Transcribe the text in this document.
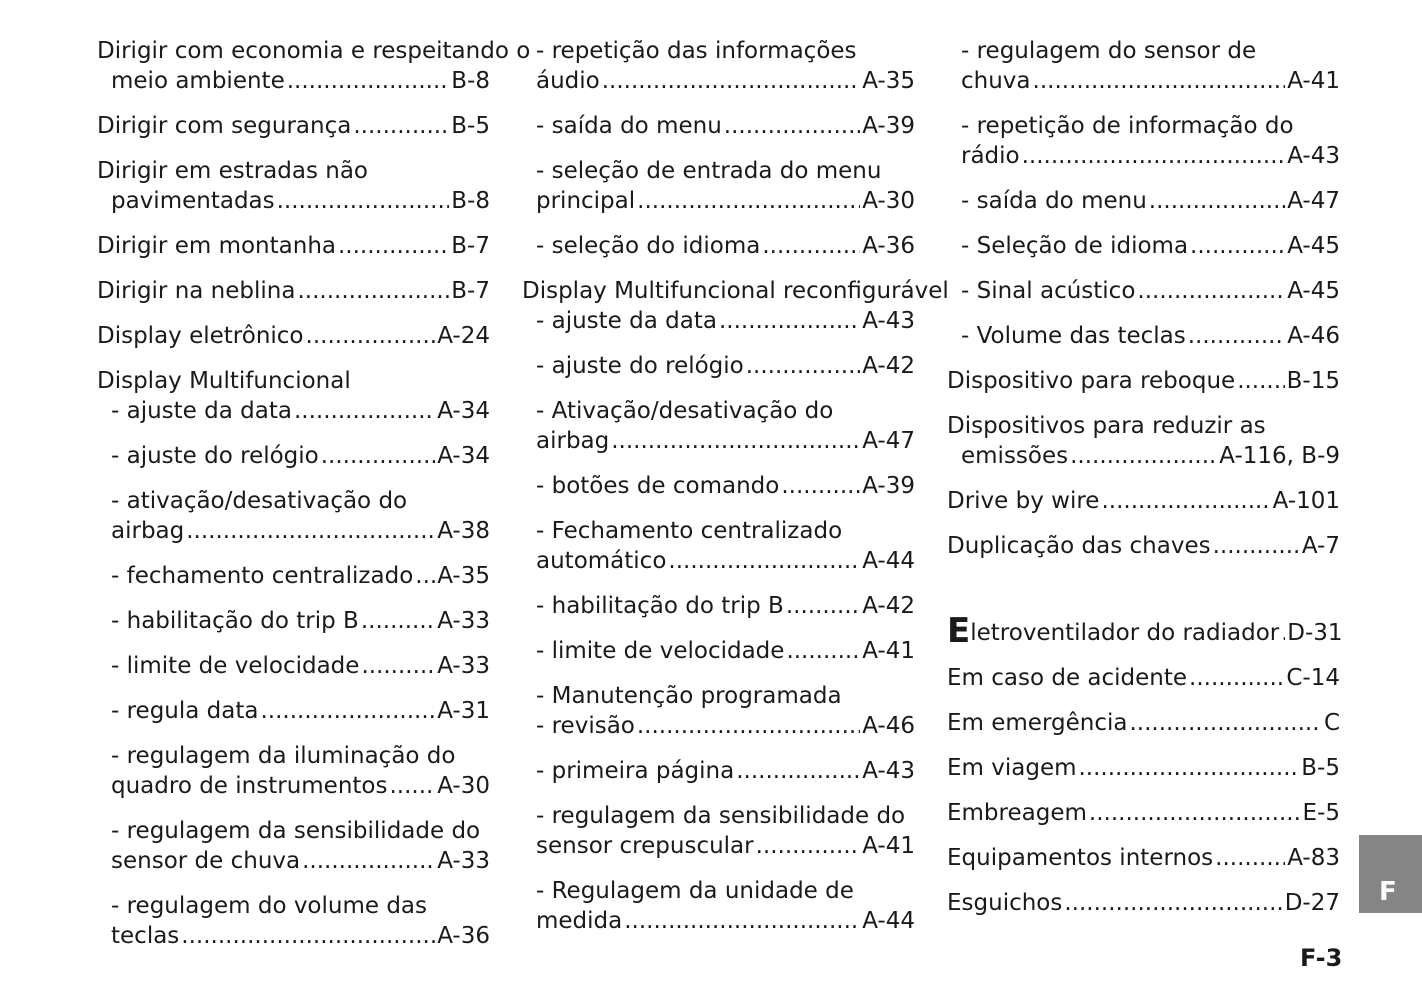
Dirigir com economia e respeitando o
meio ambiente .....	B-8
Dirigir com segurança .....	B-5
Dirigir em estradas não
pavimentadas .....	B-8
Dirigir em montanha .....	B-7
Dirigir na neblina .....	B-7
Display eletrônico .....	A-24
Display Multifuncional
- ajuste da data .....	A-34
- ajuste do relógio .....	A-34
- ativação/desativação do
airbag .....	A-38
- fechamento centralizado ..... A-35
- habilitação do trip B .....	A-33
- limite de velocidade .....	A-33
- regula data .....	A-31
- regulagem da iluminação do
quadro de instrumentos ..... A-30
- regulagem da sensibilidade do
sensor de chuva .....	A-33
- regulagem do volume das
teclas .....	A-36
- repetição das informações
áudio .....	A-35
- saída do menu .....	A-39
- seleção de entrada do menu
principal .....	A-30
- seleção do idioma .....	A-36
Display Multifuncional reconfigurável
- ajuste da data .....	A-43
- ajuste do relógio .....	A-42
- Ativação/desativação do
airbag .....	A-47
- botões de comando .....	A-39
- Fechamento centralizado
automático .....	A-44
- habilitação do trip B .....	A-42
- limite de velocidade .....	A-41
- Manutenção programada
- revisão .....	A-46
- primeira página .....	A-43
- regulagem da sensibilidade do
sensor crepuscular .....	A-41
- Regulagem da unidade de
medida .....	A-44
- regulagem do sensor de
chuva .....	A-41
- repetição de informação do
rádio .....	A-43
- saída do menu .....	A-47
- Seleção de idioma .....	A-45
- Sinal acústico .....	A-45
- Volume das teclas .....	A-46
Dispositivo para reboque ..... B-15
Dispositivos para reduzir as
emissões .....	A-116, B-9
Drive by wire .....	A-101
Duplicação das chaves .....	A-7
Eletroventilador do radiador ..... D-31
Em caso de acidente .....	C-14
Em emergência .....	C
Em viagem .....	B-5
Embreagem .....	E-5
Equipamentos internos .....	A-83
Esguichos .....	D-27 F
F-3
